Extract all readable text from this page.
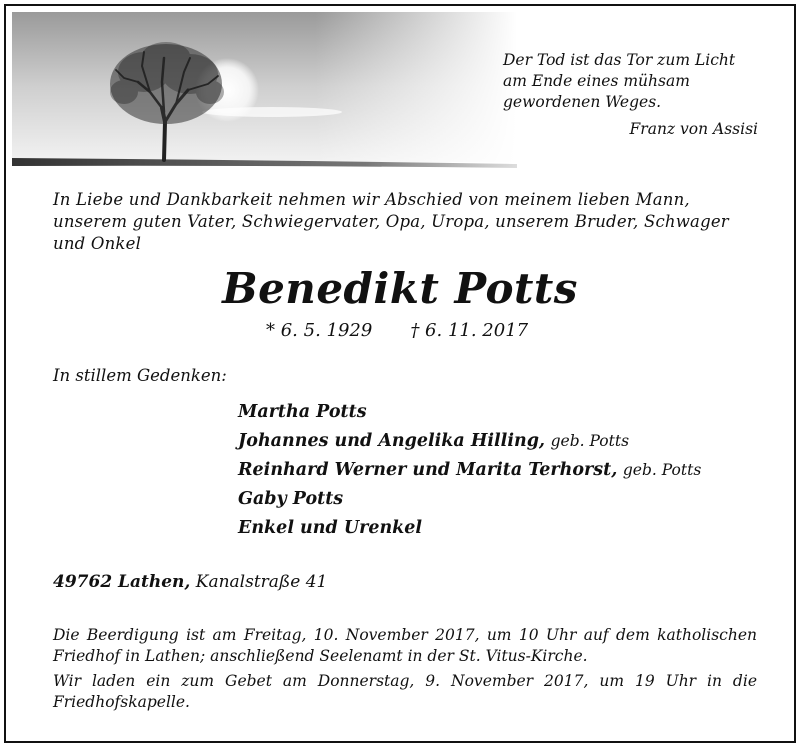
Der Tod ist das Tor zum Licht
am Ende eines mühsam
gewordenen Weges.
Franz von Assisi
In Liebe und Dankbarkeit nehmen wir Abschied von meinem lieben Mann,
unserem guten Vater, Schwiegervater, Opa, Uropa, unserem Bruder, Schwager
und Onkel
Benedikt Potts
* 6. 5. 1929 † 6. 11. 2017
In stillem Gedenken:
Martha Potts
Johannes und Angelika Hilling, geb. Potts
Reinhard Werner und Marita Terhorst, geb. Potts
Gaby Potts
Enkel und Urenkel
49762 Lathen, Kanalstraße 41

Die Beerdigung ist am Freitag, 10. November 2017, um 10 Uhr auf dem katholischen Friedhof in Lathen; anschließend Seelenamt in der St. Vitus-Kirche.

Wir laden ein zum Gebet am Donnerstag, 9. November 2017, um 19 Uhr in die Friedhofskapelle.
